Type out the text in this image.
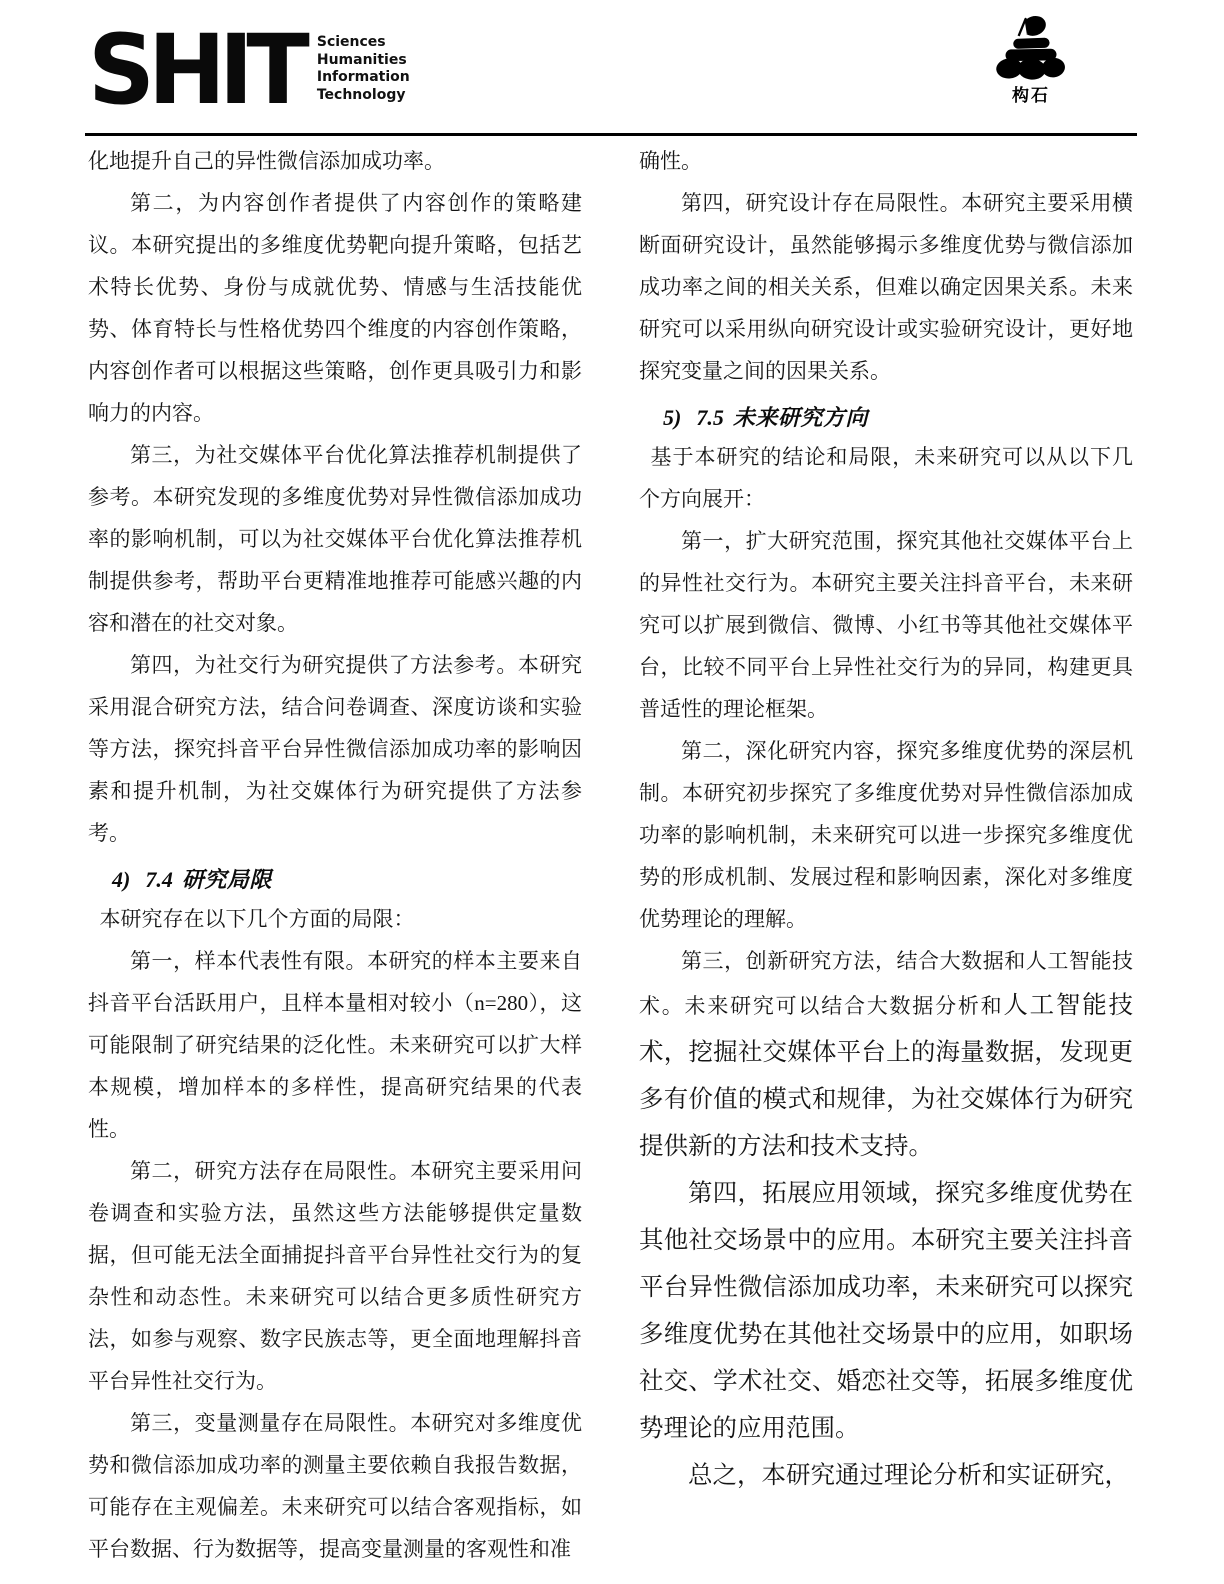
SHIT Sciences
Humanities
Information
Technology	构石

化地提升自己的异性微信添加成功率。

第二，为内容创作者提供了内容创作的策略建议。本研究提出的多维度优势靶向提升策略，包括艺术特长优势、身份与成就优势、情感与生活技能优势、体育特长与性格优势四个维度的内容创作策略，内容创作者可以根据这些策略，创作更具吸引力和影响力的内容。

第三，为社交媒体平台优化算法推荐机制提供了参考。本研究发现的多维度优势对异性微信添加成功率的影响机制，可以为社交媒体平台优化算法推荐机制提供参考，帮助平台更精准地推荐可能感兴趣的内容和潜在的社交对象。

第四，为社交行为研究提供了方法参考。本研究采用混合研究方法，结合问卷调查、深度访谈和实验等方法，探究抖音平台异性微信添加成功率的影响因素和提升机制，为社交媒体行为研究提供了方法参考。

4) 7.4 研究局限

本研究存在以下几个方面的局限：

第一，样本代表性有限。本研究的样本主要来自抖音平台活跃用户，且样本量相对较小（n=280），这可能限制了研究结果的泛化性。未来研究可以扩大样本规模，增加样本的多样性，提高研究结果的代表性。

第二，研究方法存在局限性。本研究主要采用问卷调查和实验方法，虽然这些方法能够提供定量数据，但可能无法全面捕捉抖音平台异性社交行为的复杂性和动态性。未来研究可以结合更多质性研究方法，如参与观察、数字民族志等，更全面地理解抖音平台异性社交行为。

第三，变量测量存在局限性。本研究对多维度优势和微信添加成功率的测量主要依赖自我报告数据，可能存在主观偏差。未来研究可以结合客观指标，如平台数据、行为数据等，提高变量测量的客观性和准

确性。

第四，研究设计存在局限性。本研究主要采用横断面研究设计，虽然能够揭示多维度优势与微信添加成功率之间的相关关系，但难以确定因果关系。未来研究可以采用纵向研究设计或实验研究设计，更好地探究变量之间的因果关系。

5) 7.5 未来研究方向

基于本研究的结论和局限，未来研究可以从以下几个方向展开：

第一，扩大研究范围，探究其他社交媒体平台上的异性社交行为。本研究主要关注抖音平台，未来研究可以扩展到微信、微博、小红书等其他社交媒体平台，比较不同平台上异性社交行为的异同，构建更具普适性的理论框架。

第二，深化研究内容，探究多维度优势的深层机制。本研究初步探究了多维度优势对异性微信添加成功率的影响机制，未来研究可以进一步探究多维度优势的形成机制、发展过程和影响因素，深化对多维度优势理论的理解。

第三，创新研究方法，结合大数据和人工智能技术。未来研究可以结合大数据分析和人工智能技术，挖掘社交媒体平台上的海量数据，发现更多有价值的模式和规律，为社交媒体行为研究提供新的方法和技术支持。

第四，拓展应用领域，探究多维度优势在其他社交场景中的应用。本研究主要关注抖音平台异性微信添加成功率，未来研究可以探究多维度优势在其他社交场景中的应用，如职场社交、学术社交、婚恋社交等，拓展多维度优势理论的应用范围。

总之，本研究通过理论分析和实证研究，
